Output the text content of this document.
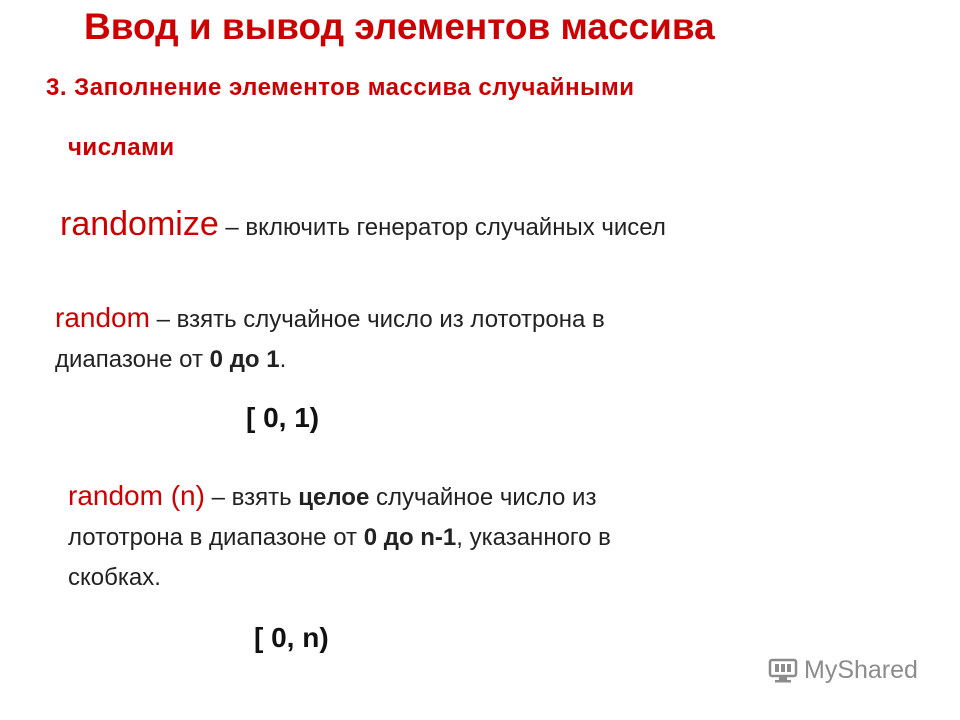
Ввод и вывод элементов массива
3. Заполнение элементов массива случайными
числами
randomize – включить генератор случайных чисел
random – взять случайное число из лототрона в
диапазоне от 0 до 1.
[ 0, 1)
random (n) – взять целое случайное число из
лототрона в диапазоне от 0 до n-1, указанного в
скобках.
[ 0, n)
MyShared
